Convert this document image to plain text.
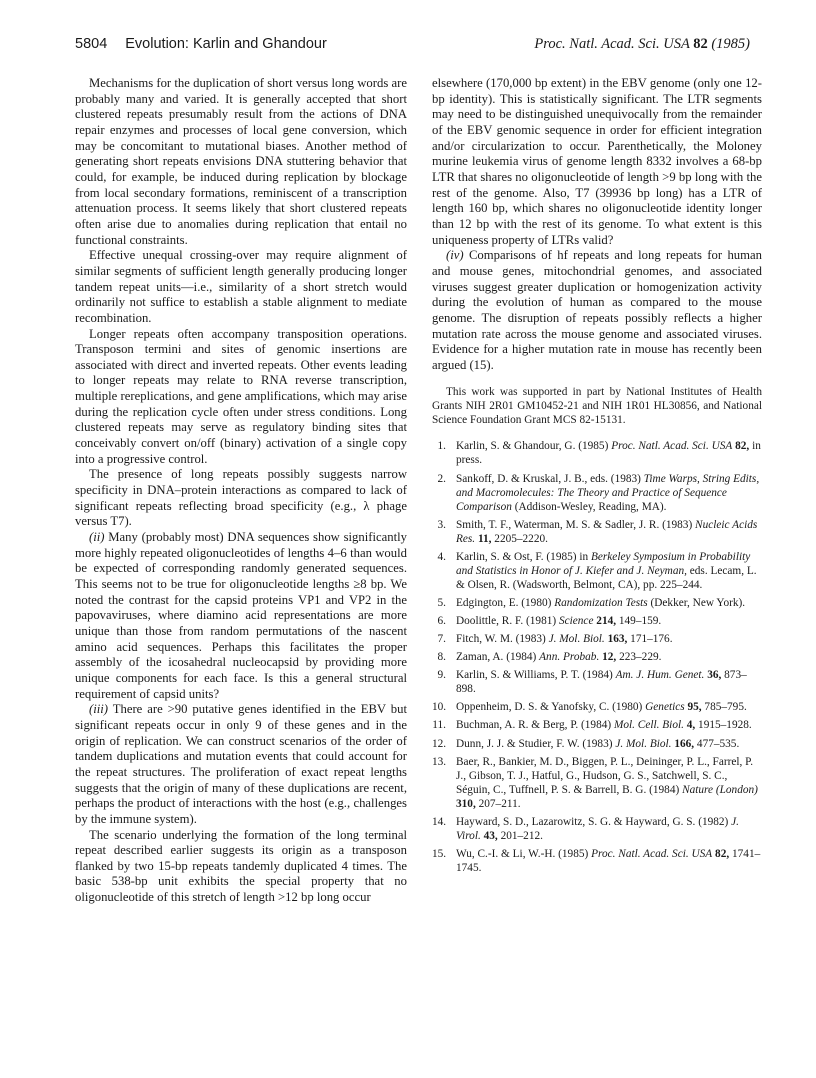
5804 Evolution: Karlin and Ghandour	Proc. Natl. Acad. Sci. USA 82 (1985)

Mechanisms for the duplication of short versus long words are probably many and varied. It is generally accepted that short clustered repeats presumably result from the actions of DNA repair enzymes and processes of local gene conversion, which may be concomitant to mutational biases. Another method of generating short repeats envisions DNA stuttering behavior that could, for example, be induced during replication by blockage from local secondary formations, reminiscent of a transcription attenuation process. It seems likely that short clustered repeats often arise due to anomalies during replication that entail no functional constraints.

Effective unequal crossing-over may require alignment of similar segments of sufficient length generally producing longer tandem repeat units—i.e., similarity of a short stretch would ordinarily not suffice to establish a stable alignment to mediate recombination.

Longer repeats often accompany transposition operations. Transposon termini and sites of genomic insertions are associated with direct and inverted repeats. Other events leading to longer repeats may relate to RNA reverse transcription, multiple rereplications, and gene amplifications, which may arise during the replication cycle often under stress conditions. Long clustered repeats may serve as regulatory binding sites that conceivably convert on/off (binary) activation of a single copy into a progressive control.

The presence of long repeats possibly suggests narrow specificity in DNA–protein interactions as compared to lack of significant repeats reflecting broad specificity (e.g., λ phage versus T7).

(ii) Many (probably most) DNA sequences show significantly more highly repeated oligonucleotides of lengths 4–6 than would be expected of corresponding randomly generated sequences. This seems not to be true for oligonucleotide lengths ≥8 bp. We noted the contrast for the capsid proteins VP1 and VP2 in the papovaviruses, where diamino acid representations are more unique than those from random permutations of the nascent amino acid sequences. Perhaps this facilitates the proper assembly of the icosahedral nucleocapsid by providing more unique components for each face. Is this a general structural requirement of capsid units?

(iii) There are >90 putative genes identified in the EBV but significant repeats occur in only 9 of these genes and in the origin of replication. We can construct scenarios of the order of tandem duplications and mutation events that could account for the repeat structures. The proliferation of exact repeat lengths suggests that the origin of many of these duplications are recent, perhaps the product of interactions with the host (e.g., challenges by the immune system).

The scenario underlying the formation of the long terminal repeat described earlier suggests its origin as a transposon flanked by two 15-bp repeats tandemly duplicated 4 times. The basic 538-bp unit exhibits the special property that no oligonucleotide of this stretch of length >12 bp long occur

elsewhere (170,000 bp extent) in the EBV genome (only one 12-bp identity). This is statistically significant. The LTR segments may need to be distinguished unequivocally from the remainder of the EBV genomic sequence in order for efficient integration and/or circularization to occur. Parenthetically, the Moloney murine leukemia virus of genome length 8332 involves a 68-bp LTR that shares no oligonucleotide of length >9 bp long with the rest of the genome. Also, T7 (39936 bp long) has a LTR of length 160 bp, which shares no oligonucleotide identity longer than 12 bp with the rest of its genome. To what extent is this uniqueness property of LTRs valid?

(iv) Comparisons of hf repeats and long repeats for human and mouse genes, mitochondrial genomes, and associated viruses suggest greater duplication or homogenization activity during the evolution of human as compared to the mouse genome. The disruption of repeats possibly reflects a higher mutation rate across the mouse genome and associated viruses. Evidence for a higher mutation rate in mouse has recently been argued (15).

This work was supported in part by National Institutes of Health Grants NIH 2R01 GM10452-21 and NIH 1R01 HL30856, and National Science Foundation Grant MCS 82-15131.

1. Karlin, S. & Ghandour, G. (1985) Proc. Natl. Acad. Sci. USA 82, in press.
2. Sankoff, D. & Kruskal, J. B., eds. (1983) Time Warps, String Edits, and Macromolecules: The Theory and Practice of Sequence Comparison (Addison-Wesley, Reading, MA).
3. Smith, T. F., Waterman, M. S. & Sadler, J. R. (1983) Nucleic Acids Res. 11, 2205–2220.
4. Karlin, S. & Ost, F. (1985) in Berkeley Symposium in Probability and Statistics in Honor of J. Kiefer and J. Neyman, eds. Lecam, L. & Olsen, R. (Wadsworth, Belmont, CA), pp. 225–244.
5. Edgington, E. (1980) Randomization Tests (Dekker, New York).
6. Doolittle, R. F. (1981) Science 214, 149–159.
7. Fitch, W. M. (1983) J. Mol. Biol. 163, 171–176.
8. Zaman, A. (1984) Ann. Probab. 12, 223–229.
9. Karlin, S. & Williams, P. T. (1984) Am. J. Hum. Genet. 36, 873–898.
10. Oppenheim, D. S. & Yanofsky, C. (1980) Genetics 95, 785–795.
11. Buchman, A. R. & Berg, P. (1984) Mol. Cell. Biol. 4, 1915–1928.
12. Dunn, J. J. & Studier, F. W. (1983) J. Mol. Biol. 166, 477–535.
13. Baer, R., Bankier, M. D., Biggen, P. L., Deininger, P. L., Farrel, P. J., Gibson, T. J., Hatful, G., Hudson, G. S., Satchwell, S. C., Séguin, C., Tuffnell, P. S. & Barrell, B. G. (1984) Nature (London) 310, 207–211.
14. Hayward, S. D., Lazarowitz, S. G. & Hayward, G. S. (1982) J. Virol. 43, 201–212.
15. Wu, C.-I. & Li, W.-H. (1985) Proc. Natl. Acad. Sci. USA 82, 1741–1745.
